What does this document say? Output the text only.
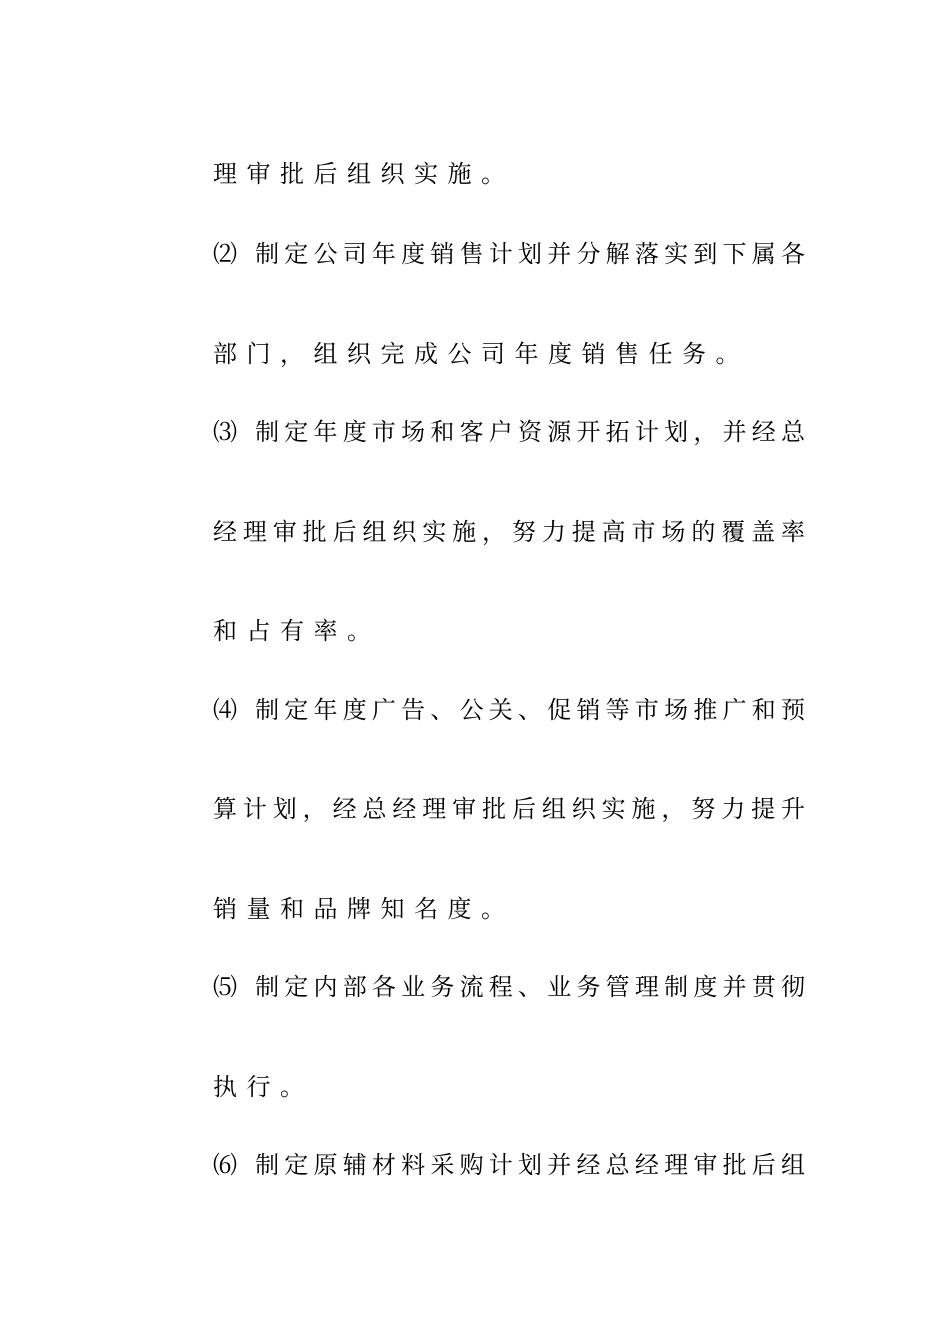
理审批后组织实施。
⑵ 制定公司年度销售计划并分解落实到下属各
部门，组织完成公司年度销售任务。
⑶ 制定年度市场和客户资源开拓计划，并经总
经理审批后组织实施，努力提高市场的覆盖率
和占有率。
⑷ 制定年度广告、公关、促销等市场推广和预
算计划，经总经理审批后组织实施，努力提升
销量和品牌知名度。
⑸ 制定内部各业务流程、业务管理制度并贯彻
执行。
⑹ 制定原辅材料采购计划并经总经理审批后组
